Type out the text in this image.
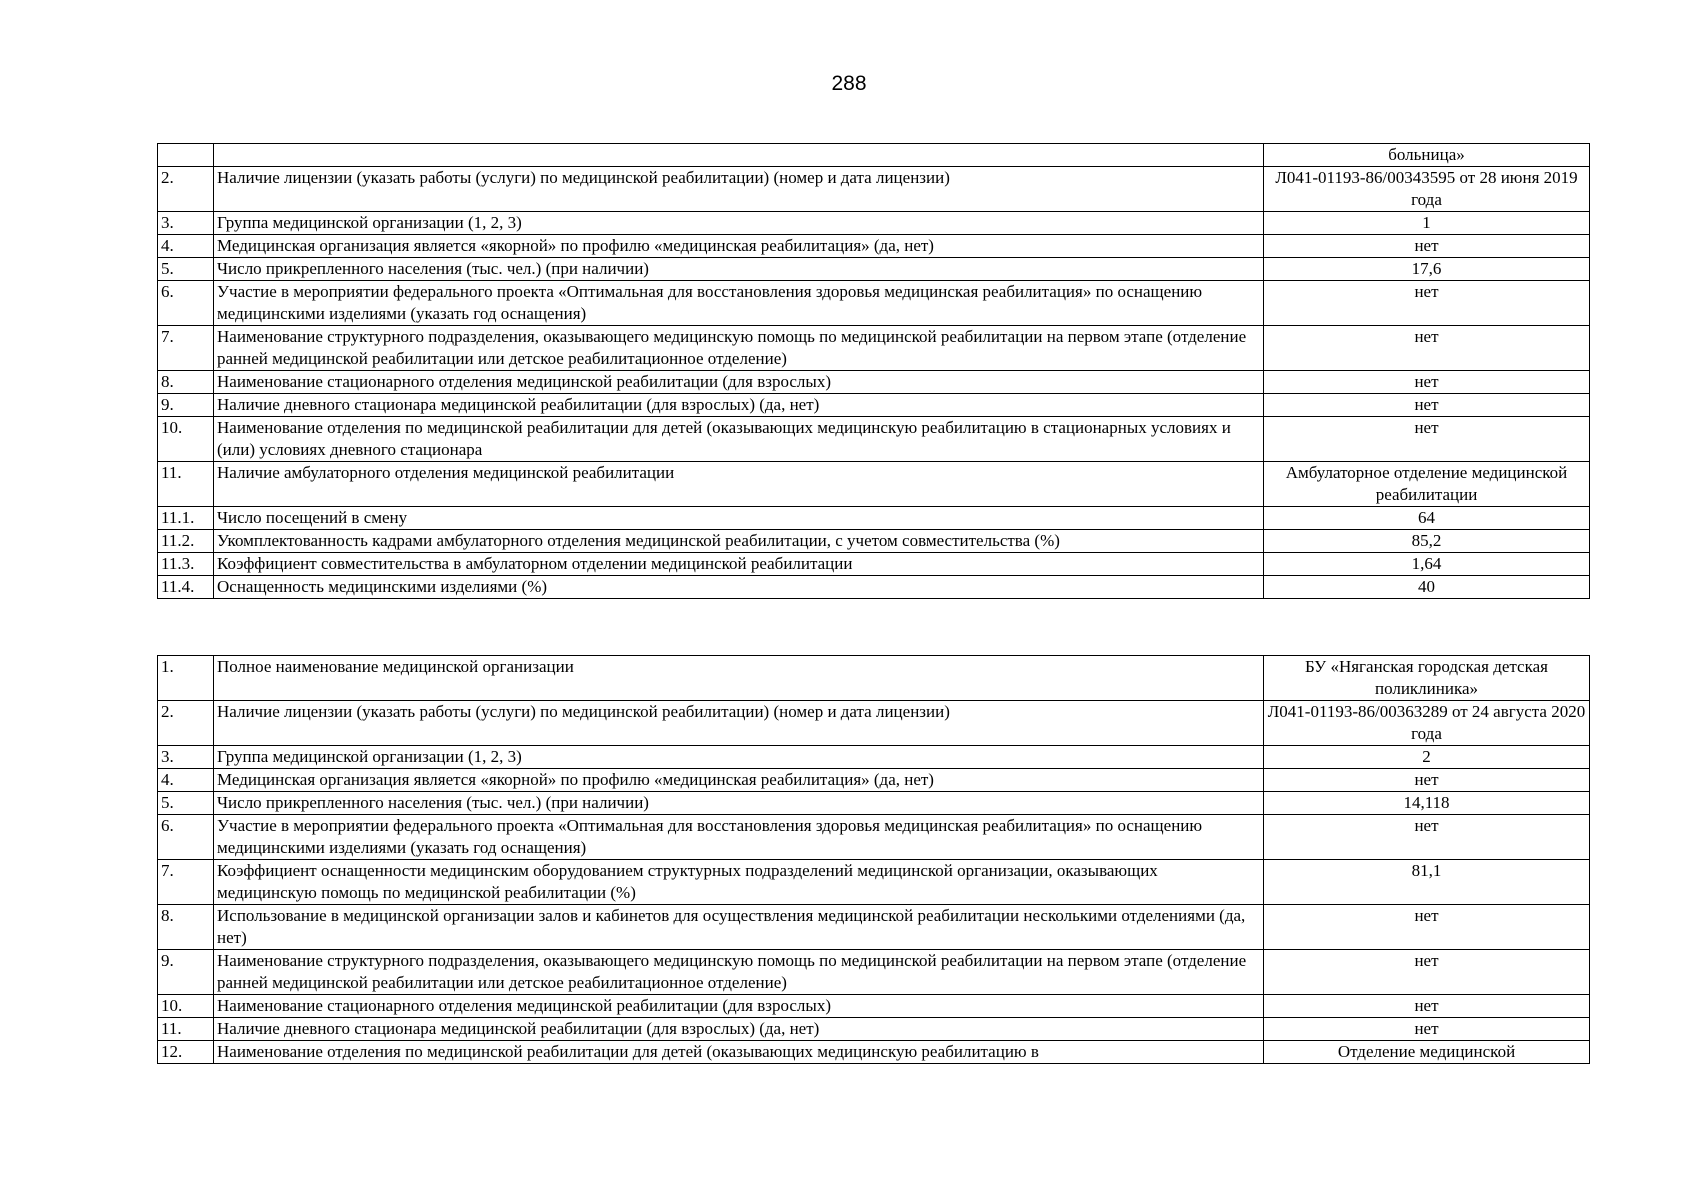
288
		больница»
2.	Наличие лицензии (указать работы (услуги) по медицинской реабилитации) (номер и дата лицензии)	Л041-01193-86/00343595 от 28 июня 2019 года
3.	Группа медицинской организации (1, 2, 3)	1
4.	Медицинская организация является «якорной» по профилю «медицинская реабилитация» (да, нет)	нет
5.	Число прикрепленного населения (тыс. чел.) (при наличии)	17,6
6.	Участие в мероприятии федерального проекта «Оптимальная для восстановления здоровья медицинская реабилитация» по оснащению медицинскими изделиями (указать год оснащения)	нет
7.	Наименование структурного подразделения, оказывающего медицинскую помощь по медицинской реабилитации на первом этапе (отделение ранней медицинской реабилитации или детское реабилитационное отделение)	нет
8.	Наименование стационарного отделения медицинской реабилитации (для взрослых)	нет
9.	Наличие дневного стационара медицинской реабилитации (для взрослых) (да, нет)	нет
10.	Наименование отделения по медицинской реабилитации для детей (оказывающих медицинскую реабилитацию в стационарных условиях и (или) условиях дневного стационара	нет
11.	Наличие амбулаторного отделения медицинской реабилитации	Амбулаторное отделение медицинской реабилитации
11.1.	Число посещений в смену	64
11.2.	Укомплектованность кадрами амбулаторного отделения медицинской реабилитации, с учетом совместительства (%)	85,2
11.3.	Коэффициент совместительства в амбулаторном отделении медицинской реабилитации	1,64
11.4.	Оснащенность медицинскими изделиями (%)	40
1.	Полное наименование медицинской организации	БУ «Няганская городская детская поликлиника»
2.	Наличие лицензии (указать работы (услуги) по медицинской реабилитации) (номер и дата лицензии)	Л041-01193-86/00363289 от 24 августа 2020 года
3.	Группа медицинской организации (1, 2, 3)	2
4.	Медицинская организация является «якорной» по профилю «медицинская реабилитация» (да, нет)	нет
5.	Число прикрепленного населения (тыс. чел.) (при наличии)	14,118
6.	Участие в мероприятии федерального проекта «Оптимальная для восстановления здоровья медицинская реабилитация» по оснащению медицинскими изделиями (указать год оснащения)	нет
7.	Коэффициент оснащенности медицинским оборудованием структурных подразделений медицинской организации, оказывающих медицинскую помощь по медицинской реабилитации (%)	81,1
8.	Использование в медицинской организации залов и кабинетов для осуществления медицинской реабилитации несколькими отделениями (да, нет)	нет
9.	Наименование структурного подразделения, оказывающего медицинскую помощь по медицинской реабилитации на первом этапе (отделение ранней медицинской реабилитации или детское реабилитационное отделение)	нет
10.	Наименование стационарного отделения медицинской реабилитации (для взрослых)	нет
11.	Наличие дневного стационара медицинской реабилитации (для взрослых) (да, нет)	нет
12.	Наименование отделения по медицинской реабилитации для детей (оказывающих медицинскую реабилитацию в	Отделение медицинской
